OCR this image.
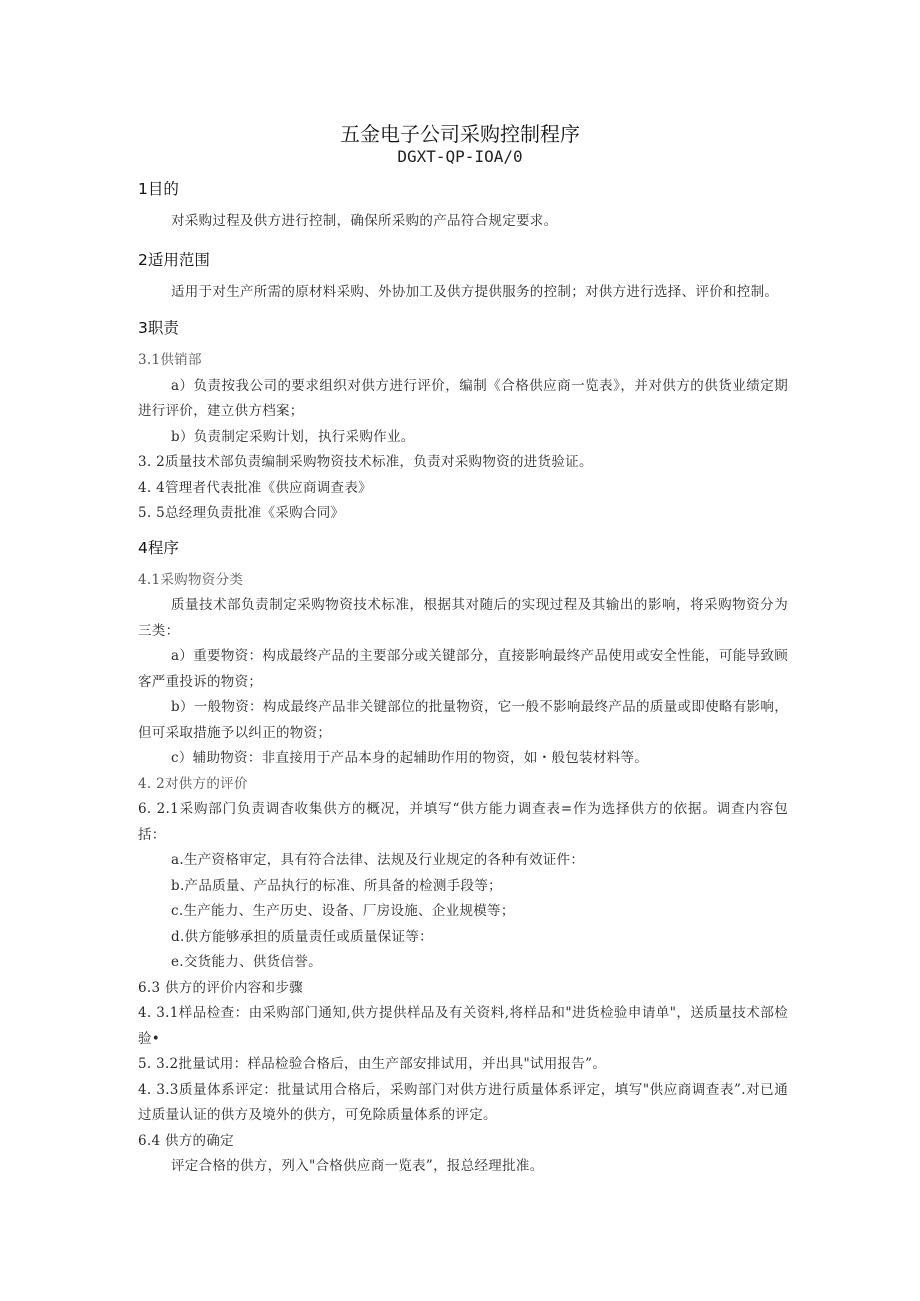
五金电子公司采购控制程序
DGXT-QP-IOA/0
1目的
对采购过程及供方进行控制，确保所采购的产品符合规定要求。
2适用范围
适用于对生产所需的原材料采购、外协加工及供方提供服务的控制；对供方进行选择、评价和控制。
3职责
3.1供销部
a）负责按我公司的要求组织对供方进行评价，编制《合格供应商一览表》，并对供方的供货业绩定期进行评价，建立供方档案；
b）负责制定采购计划，执行采购作业。
3. 2质量技术部负责编制采购物资技术标准，负责对采购物资的进货验证。
4. 4管理者代表批准《供应商调查表》
5. 5总经理负责批准《采购合同》
4程序
4.1采购物资分类
质量技术部负责制定采购物资技术标准，根据其对随后的实现过程及其输出的影响，将采购物资分为三类：
a）重要物资：构成最终产品的主要部分或关键部分，直接影响最终产品使用或安全性能，可能导致顾客严重投诉的物资；
b）一般物资：构成最终产品非关键部位的批量物资，它一般不影响最终产品的质量或即使略有影响，但可采取措施予以纠正的物资；
c）辅助物资：非直接用于产品本身的起辅助作用的物资，如・般包装材料等。
4. 2对供方的评价
6. 2.1采购部门负责调杳收集供方的概况，并填写“供方能力调查表=作为选择供方的依据。调查内容包括：
a.生产资格审定，具有符合法律、法规及行业规定的各种有效证件：
b.产品质量、产品执行的标准、所具备的检测手段等；
c.生产能力、生产历史、设备、厂房设施、企业规模等；
d.供方能够承担的质量责任或质量保证等：
e.交货能力、供货信誉。
6.3 供方的评价内容和步骤
4. 3.1样品检查：由采购部门通知,供方提供样品及有关资料,将样品和"进货检验申请单"，送质量技术部检验•
5. 3.2批量试用：样品检验合格后，由生产部安排试用，并出具"试用报告”。
4. 3.3质量体系评定：批量试用合格后，采购部门对供方进行质量体系评定，填写"供应商调查表”.对已通过质量认证的供方及境外的供方，可免除质量体系的评定。
6.4 供方的确定
评定合格的供方，列入"合格供应商一览表”，报总经理批准。
